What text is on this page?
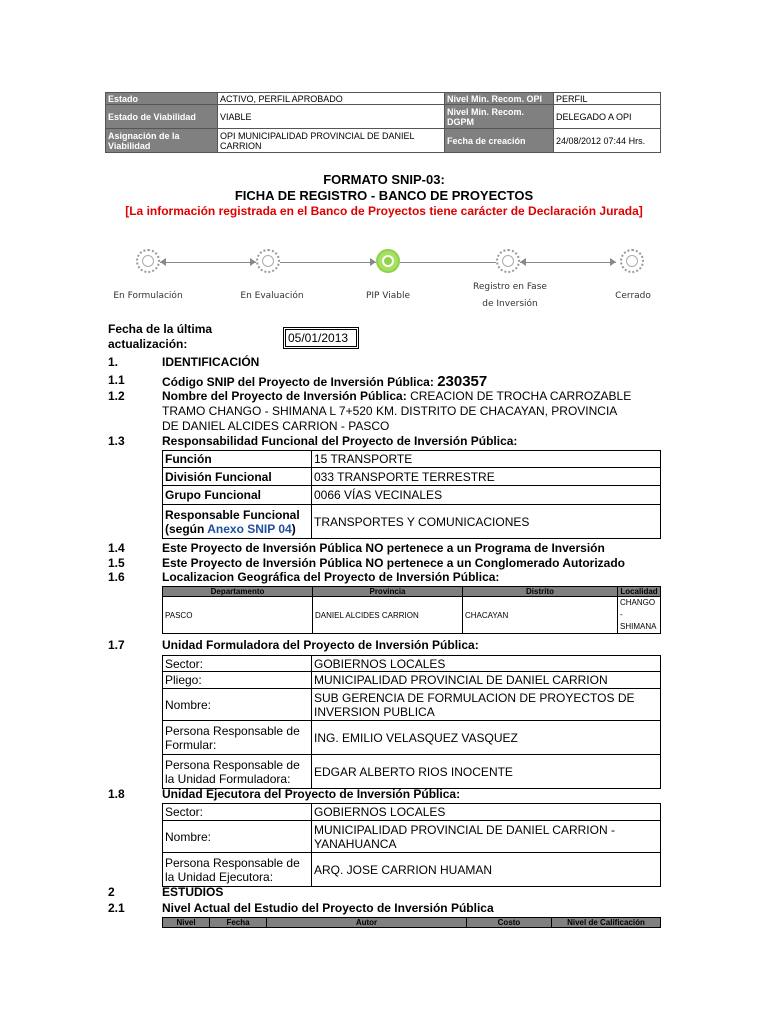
Estado	ACTIVO, PERFIL APROBADO	Nivel Min. Recom. OPI	PERFIL
Estado de Viabilidad	VIABLE	Nivel Min. Recom. DGPM	DELEGADO A OPI
Asignación de la Viabilidad	OPI MUNICIPALIDAD PROVINCIAL DE DANIEL CARRION	Fecha de creación	24/08/2012 07:44 Hrs.
FORMATO SNIP-03:
FICHA DE REGISTRO - BANCO DE PROYECTOS
[La información registrada en el Banco de Proyectos tiene carácter de Declaración Jurada]
En Formulación	En Evaluación	PIP Viable
Registro en Fase
de Inversión
Cerrado
Fecha de la última
actualización:	05/01/2013
1.	IDENTIFICACIÓN
1.1	Código SNIP del Proyecto de Inversión Pública: 230357
1.2	Nombre del Proyecto de Inversión Pública: CREACION DE TROCHA CARROZABLE
TRAMO CHANGO - SHIMANA L 7+520 KM. DISTRITO DE CHACAYAN, PROVINCIA
DE DANIEL ALCIDES CARRION - PASCO
1.3	Responsabilidad Funcional del Proyecto de Inversión Pública:
Función	15 TRANSPORTE
División Funcional	033 TRANSPORTE TERRESTRE
Grupo Funcional	0066 VÍAS VECINALES
Responsable Funcional
(según Anexo SNIP 04)	TRANSPORTES Y COMUNICACIONES
1.4	Este Proyecto de Inversión Pública NO pertenece a un Programa de Inversión
1.5	Este Proyecto de Inversión Pública NO pertenece a un Conglomerado Autorizado
1.6	Localizacion Geográfica del Proyecto de Inversión Pública:
Departamento	Provincia	Distrito	Localidad
PASCO	DANIEL ALCIDES CARRION	CHACAYAN	CHANGO
-
SHIMANA
1.7	Unidad Formuladora del Proyecto de Inversión Pública:
Sector:	GOBIERNOS LOCALES
Pliego:	MUNICIPALIDAD PROVINCIAL DE DANIEL CARRION
Nombre:	SUB GERENCIA DE FORMULACION DE PROYECTOS DE
INVERSION PUBLICA
Persona Responsable de
Formular:	ING. EMILIO VELASQUEZ VASQUEZ
Persona Responsable de
la Unidad Formuladora:	EDGAR ALBERTO RIOS INOCENTE
1.8	Unidad Ejecutora del Proyecto de Inversión Pública:
Sector:	GOBIERNOS LOCALES
Nombre:	MUNICIPALIDAD PROVINCIAL DE DANIEL CARRION -
YANAHUANCA
Persona Responsable de
la Unidad Ejecutora:	ARQ. JOSE CARRION HUAMAN
2	ESTUDIOS
2.1	Nivel Actual del Estudio del Proyecto de Inversión Pública
Nivel	Fecha	Autor	Costo	Nivel de Calificación
